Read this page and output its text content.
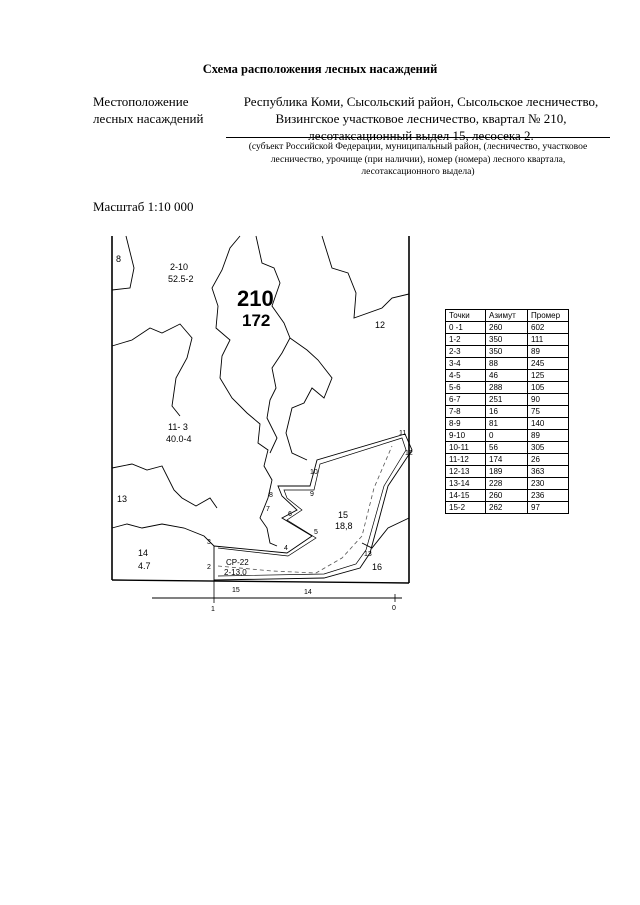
Схема расположения лесных насаждений
Местоположение
лесных насаждений
Республика Коми, Сысольский район, Сысольское лесничество,
Визингское участковое лесничество, квартал № 210,
лесотаксационный выдел 15, лесосека 2.
(субъект Российской Федерации, муниципальный район, (лесничество, участковое
лесничество, урочище (при наличии), номер (номера) лесного квартала,
лесотаксационного выдела)
Масштаб 1:10 000
210
172
8
2-10
52.5-2
12
11- 3
40.0-4
13
14
4.7
15
18,8
16
СР-22
2-13,0
1
2
3
4
5
6
7
8	9
10
11
12
13
14
15
0
Точки	Азимут	Промер
0 -1	260	602
1-2	350	111
2-3	350	89
3-4	88	245
4-5	46	125
5-6	288	105
6-7	251	90
7-8	16	75
8-9	81	140
9-10	0	89
10-11	56	305
11-12	174	26
12-13	189	363
13-14	228	230
14-15	260	236
15-2	262	97
